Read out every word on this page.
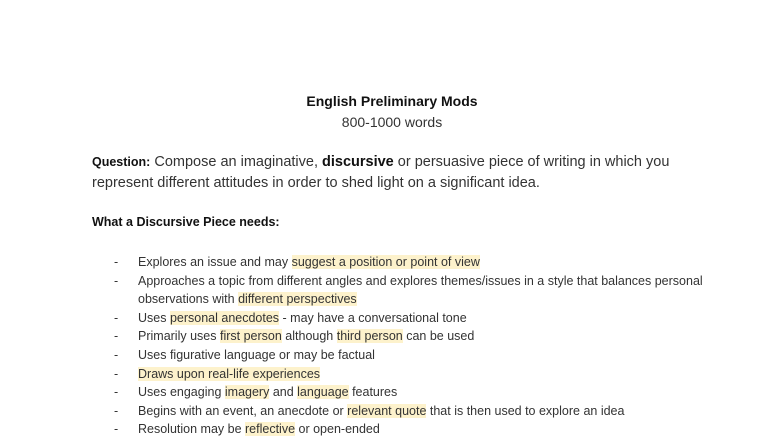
English Preliminary Mods
800-1000 words
Question: Compose an imaginative, discursive or persuasive piece of writing in which you represent different attitudes in order to shed light on a significant idea.
What a Discursive Piece needs:
- Explores an issue and may suggest a position or point of view
- Approaches a topic from different angles and explores themes/issues in a style that balances personal observations with different perspectives
- Uses personal anecdotes - may have a conversational tone
- Primarily uses first person although third person can be used
- Uses figurative language or may be factual
- Draws upon real-life experiences
- Uses engaging imagery and language features
- Begins with an event, an anecdote or relevant quote that is then used to explore an idea
- Resolution may be reflective or open-ended
